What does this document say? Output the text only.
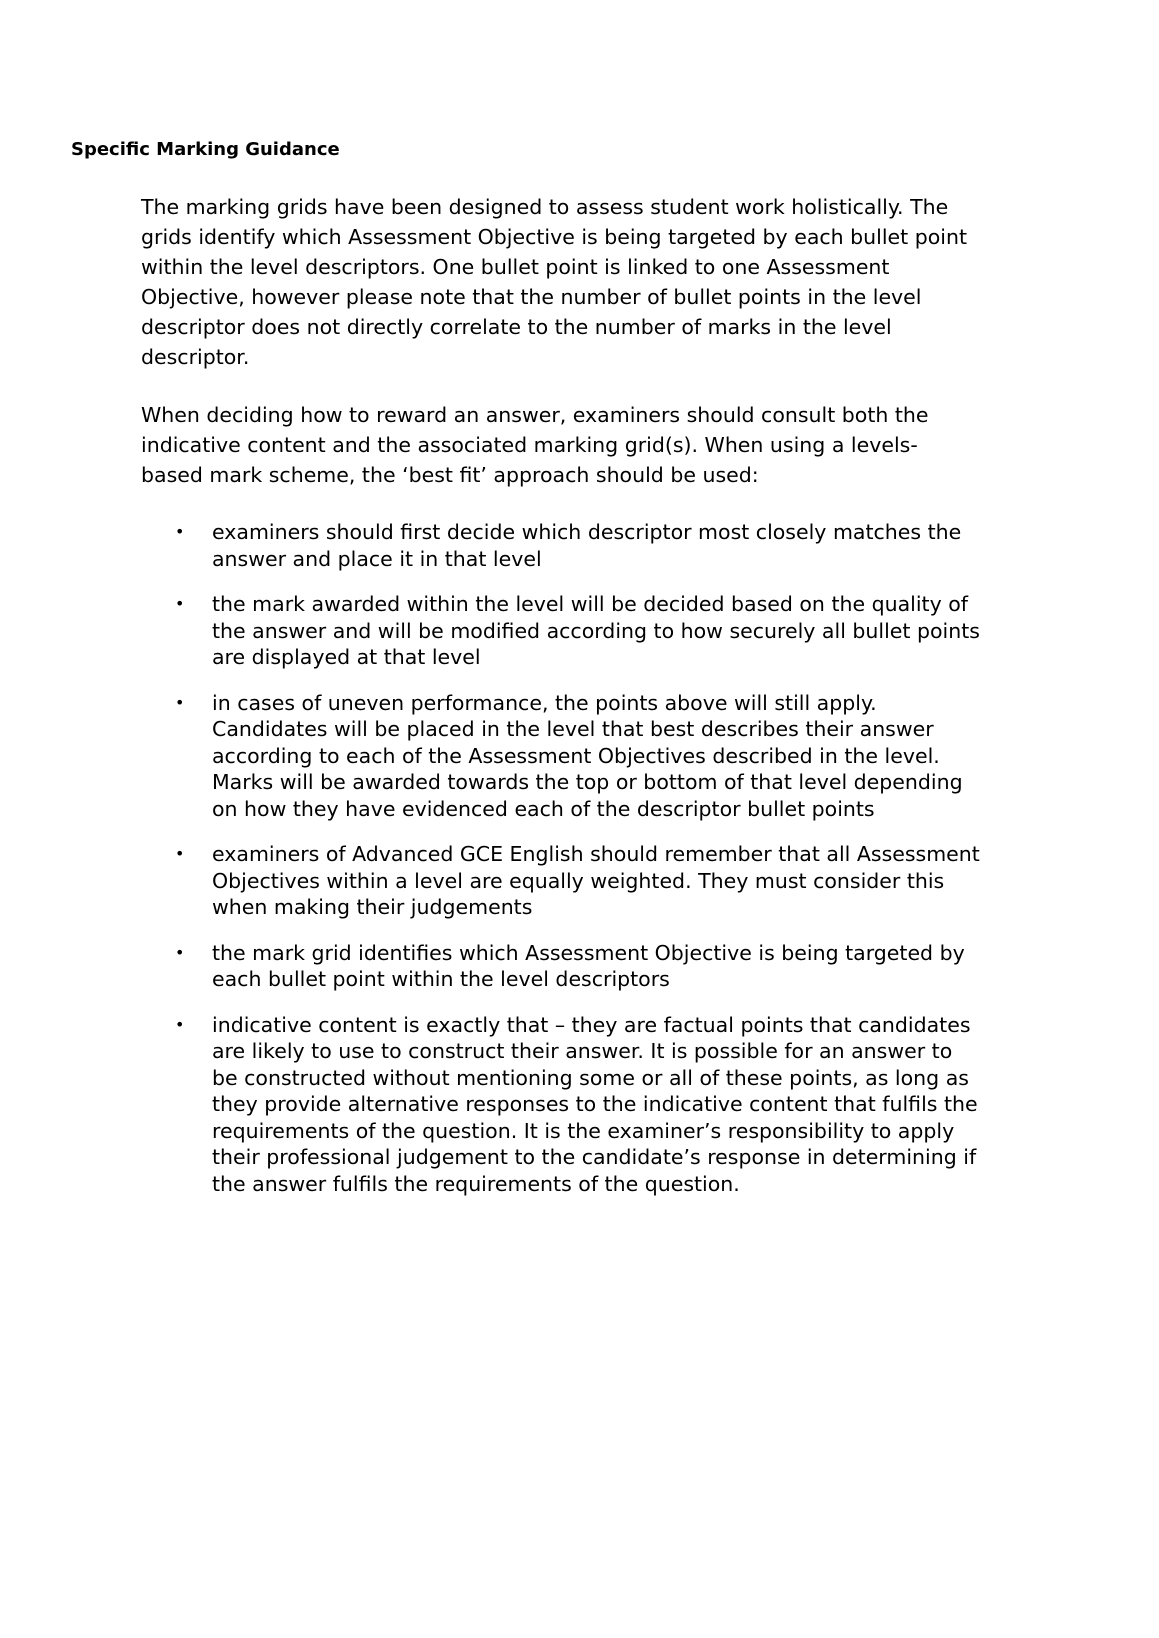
Specific Marking Guidance
The marking grids have been designed to assess student work holistically. The
grids identify which Assessment Objective is being targeted by each bullet point
within the level descriptors. One bullet point is linked to one Assessment
Objective, however please note that the number of bullet points in the level
descriptor does not directly correlate to the number of marks in the level
descriptor.
When deciding how to reward an answer, examiners should consult both the
indicative content and the associated marking grid(s). When using a levels-
based mark scheme, the ‘best fit’ approach should be used:
• examiners should first decide which descriptor most closely matches the
answer and place it in that level
• the mark awarded within the level will be decided based on the quality of
the answer and will be modified according to how securely all bullet points
are displayed at that level
• in cases of uneven performance, the points above will still apply.
Candidates will be placed in the level that best describes their answer
according to each of the Assessment Objectives described in the level.
Marks will be awarded towards the top or bottom of that level depending
on how they have evidenced each of the descriptor bullet points
• examiners of Advanced GCE English should remember that all Assessment
Objectives within a level are equally weighted. They must consider this
when making their judgements
• the mark grid identifies which Assessment Objective is being targeted by
each bullet point within the level descriptors
• indicative content is exactly that – they are factual points that candidates
are likely to use to construct their answer. It is possible for an answer to
be constructed without mentioning some or all of these points, as long as
they provide alternative responses to the indicative content that fulfils the
requirements of the question. It is the examiner’s responsibility to apply
their professional judgement to the candidate’s response in determining if
the answer fulfils the requirements of the question.
